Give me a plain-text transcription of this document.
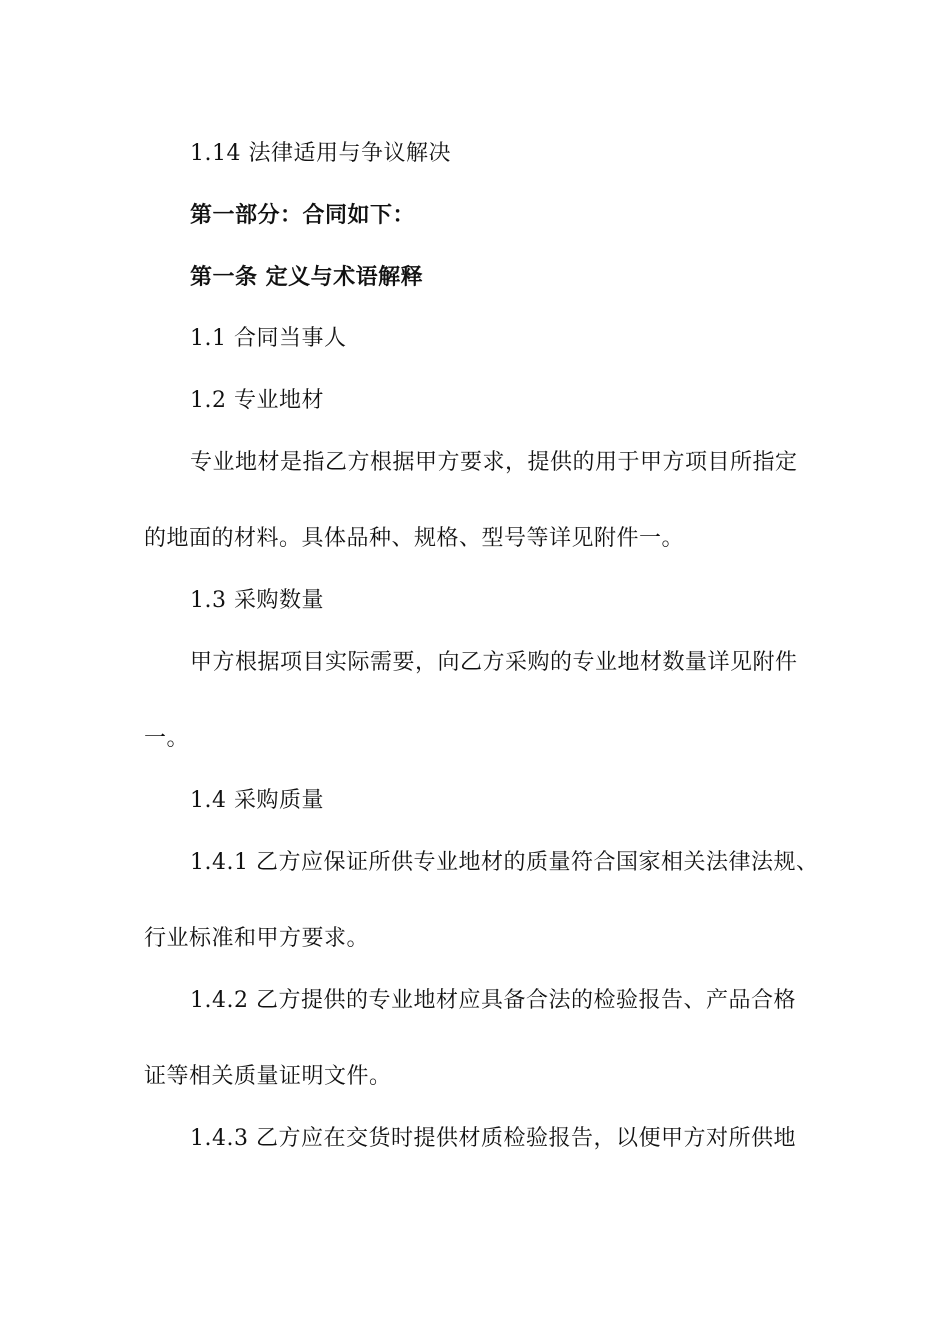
1.14 法律适用与争议解决
第一部分：合同如下：
第一条 定义与术语解释
1.1 合同当事人
1.2 专业地材
专业地材是指乙方根据甲方要求，提供的用于甲方项目所指定
的地面的材料。具体品种、规格、型号等详见附件一。
1.3 采购数量
甲方根据项目实际需要，向乙方采购的专业地材数量详见附件
一。
1.4 采购质量
1.4.1 乙方应保证所供专业地材的质量符合国家相关法律法规、
行业标准和甲方要求。
1.4.2 乙方提供的专业地材应具备合法的检验报告、产品合格
证等相关质量证明文件。
1.4.3 乙方应在交货时提供材质检验报告，以便甲方对所供地
